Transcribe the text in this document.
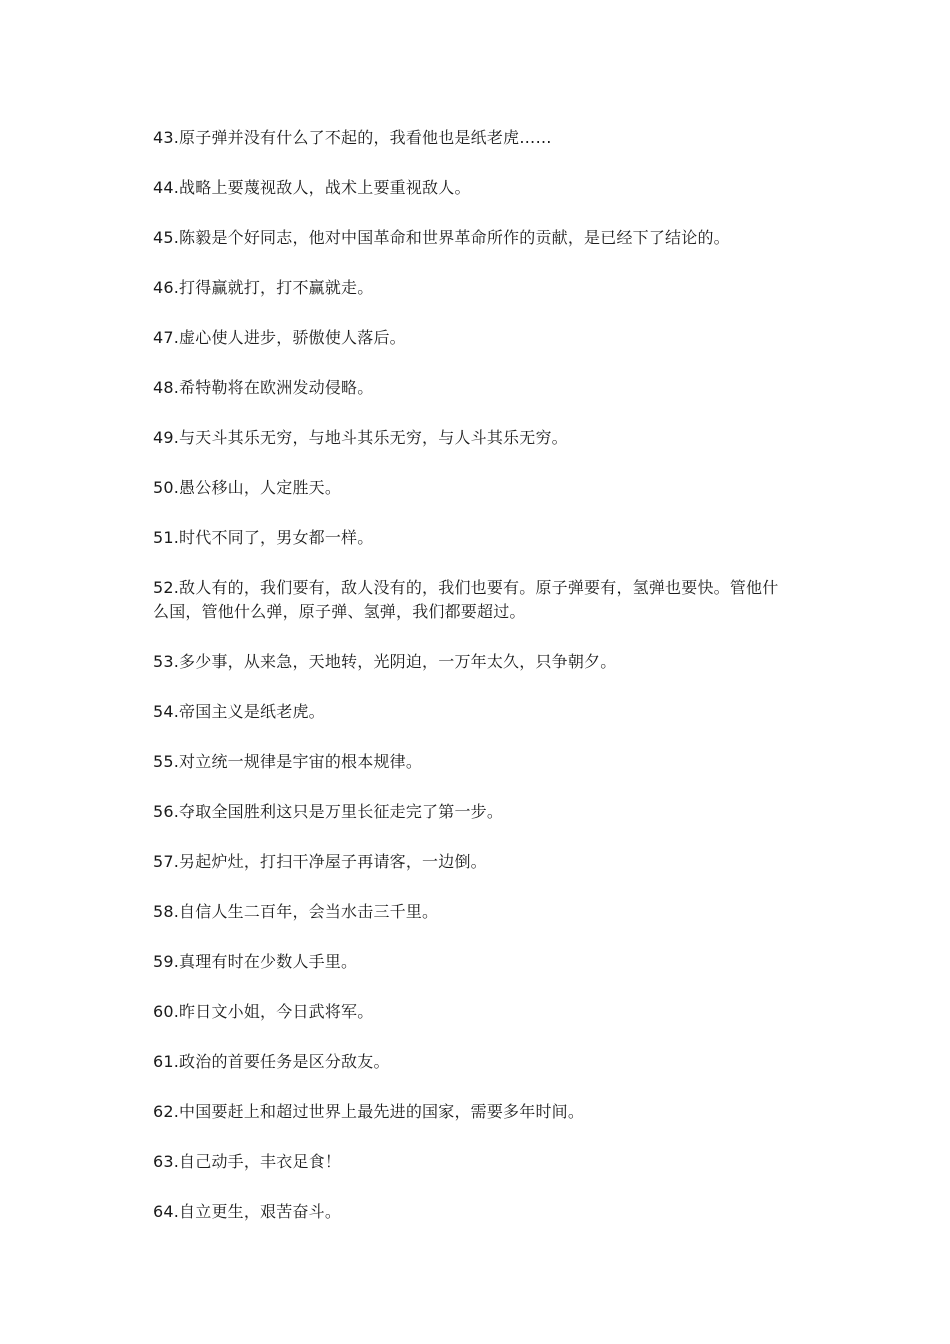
43.原子弹并没有什么了不起的，我看他也是纸老虎……

44.战略上要蔑视敌人，战术上要重视敌人。

45.陈毅是个好同志，他对中国革命和世界革命所作的贡献，是已经下了结论的。

46.打得赢就打，打不赢就走。

47.虚心使人进步，骄傲使人落后。

48.希特勒将在欧洲发动侵略。

49.与天斗其乐无穷，与地斗其乐无穷，与人斗其乐无穷。

50.愚公移山，人定胜天。

51.时代不同了，男女都一样。

52.敌人有的，我们要有，敌人没有的，我们也要有。原子弹要有，氢弹也要快。管他什么国，管他什么弹，原子弹、氢弹，我们都要超过。

53.多少事，从来急，天地转，光阴迫，一万年太久，只争朝夕。

54.帝国主义是纸老虎。

55.对立统一规律是宇宙的根本规律。

56.夺取全国胜利这只是万里长征走完了第一步。

57.另起炉灶，打扫干净屋子再请客，一边倒。

58.自信人生二百年，会当水击三千里。

59.真理有时在少数人手里。

60.昨日文小姐，今日武将军。

61.政治的首要任务是区分敌友。

62.中国要赶上和超过世界上最先进的国家，需要多年时间。

63.自己动手，丰衣足食！

64.自立更生，艰苦奋斗。
